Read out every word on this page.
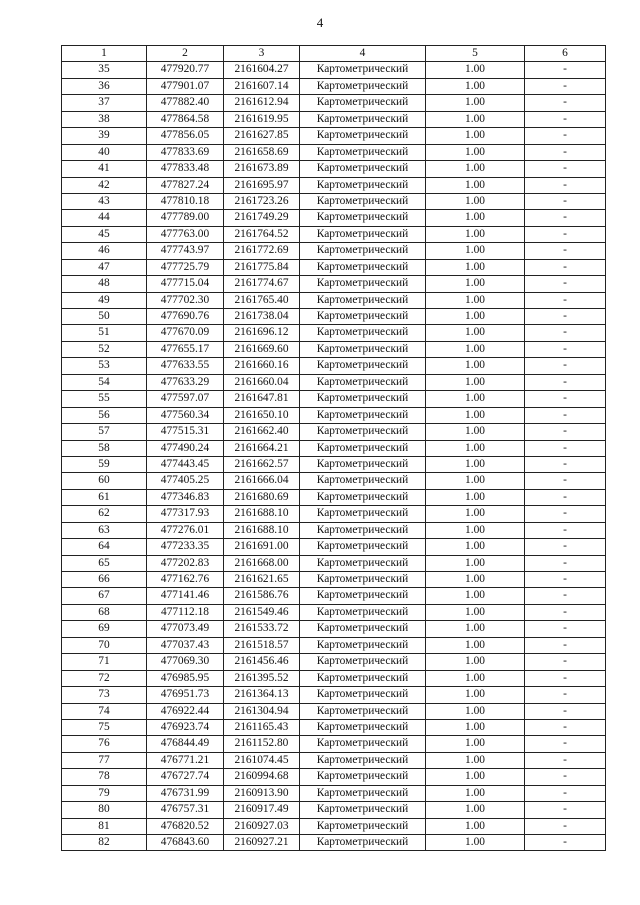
4
1	2	3	4	5	6
35	477920.77	2161604.27	Картометрический	1.00	-
36	477901.07	2161607.14	Картометрический	1.00	-
37	477882.40	2161612.94	Картометрический	1.00	-
38	477864.58	2161619.95	Картометрический	1.00	-
39	477856.05	2161627.85	Картометрический	1.00	-
40	477833.69	2161658.69	Картометрический	1.00	-
41	477833.48	2161673.89	Картометрический	1.00	-
42	477827.24	2161695.97	Картометрический	1.00	-
43	477810.18	2161723.26	Картометрический	1.00	-
44	477789.00	2161749.29	Картометрический	1.00	-
45	477763.00	2161764.52	Картометрический	1.00	-
46	477743.97	2161772.69	Картометрический	1.00	-
47	477725.79	2161775.84	Картометрический	1.00	-
48	477715.04	2161774.67	Картометрический	1.00	-
49	477702.30	2161765.40	Картометрический	1.00	-
50	477690.76	2161738.04	Картометрический	1.00	-
51	477670.09	2161696.12	Картометрический	1.00	-
52	477655.17	2161669.60	Картометрический	1.00	-
53	477633.55	2161660.16	Картометрический	1.00	-
54	477633.29	2161660.04	Картометрический	1.00	-
55	477597.07	2161647.81	Картометрический	1.00	-
56	477560.34	2161650.10	Картометрический	1.00	-
57	477515.31	2161662.40	Картометрический	1.00	-
58	477490.24	2161664.21	Картометрический	1.00	-
59	477443.45	2161662.57	Картометрический	1.00	-
60	477405.25	2161666.04	Картометрический	1.00	-
61	477346.83	2161680.69	Картометрический	1.00	-
62	477317.93	2161688.10	Картометрический	1.00	-
63	477276.01	2161688.10	Картометрический	1.00	-
64	477233.35	2161691.00	Картометрический	1.00	-
65	477202.83	2161668.00	Картометрический	1.00	-
66	477162.76	2161621.65	Картометрический	1.00	-
67	477141.46	2161586.76	Картометрический	1.00	-
68	477112.18	2161549.46	Картометрический	1.00	-
69	477073.49	2161533.72	Картометрический	1.00	-
70	477037.43	2161518.57	Картометрический	1.00	-
71	477069.30	2161456.46	Картометрический	1.00	-
72	476985.95	2161395.52	Картометрический	1.00	-
73	476951.73	2161364.13	Картометрический	1.00	-
74	476922.44	2161304.94	Картометрический	1.00	-
75	476923.74	2161165.43	Картометрический	1.00	-
76	476844.49	2161152.80	Картометрический	1.00	-
77	476771.21	2161074.45	Картометрический	1.00	-
78	476727.74	2160994.68	Картометрический	1.00	-
79	476731.99	2160913.90	Картометрический	1.00	-
80	476757.31	2160917.49	Картометрический	1.00	-
81	476820.52	2160927.03	Картометрический	1.00	-
82	476843.60	2160927.21	Картометрический	1.00	-
